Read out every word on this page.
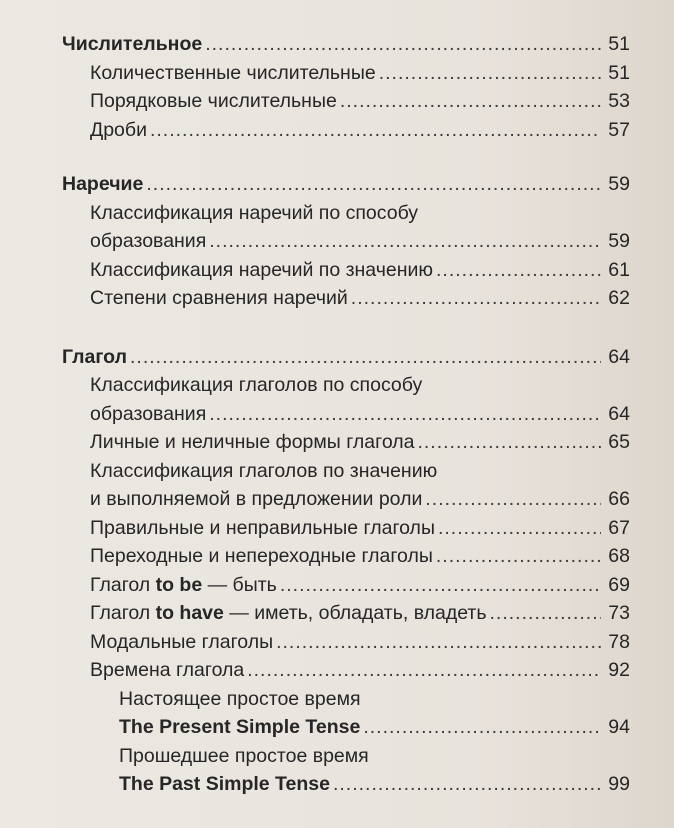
Числительное .....	51
Количественные числительные .....	51
Порядковые числительные .....	53
Дроби .....	57
Наречие .....	59
Классификация наречий по способу
образования .....	59
Классификация наречий по значению .....	61
Степени сравнения наречий .....	62
Глагол .....	64
Классификация глаголов по способу
образования .....	64
Личные и неличные формы глагола .....	65
Классификация глаголов по значению
и выполняемой в предложении роли .....	66
Правильные и неправильные глаголы .....	67
Переходные и непереходные глаголы .....	68
Глагол to be — быть .....	69
Глагол to have — иметь, обладать, владеть .....	73
Модальные глаголы .....	78
Времена глагола .....	92
Настоящее простое время
The Present Simple Tense .....	94
Прошедшее простое время
The Past Simple Tense .....	99
